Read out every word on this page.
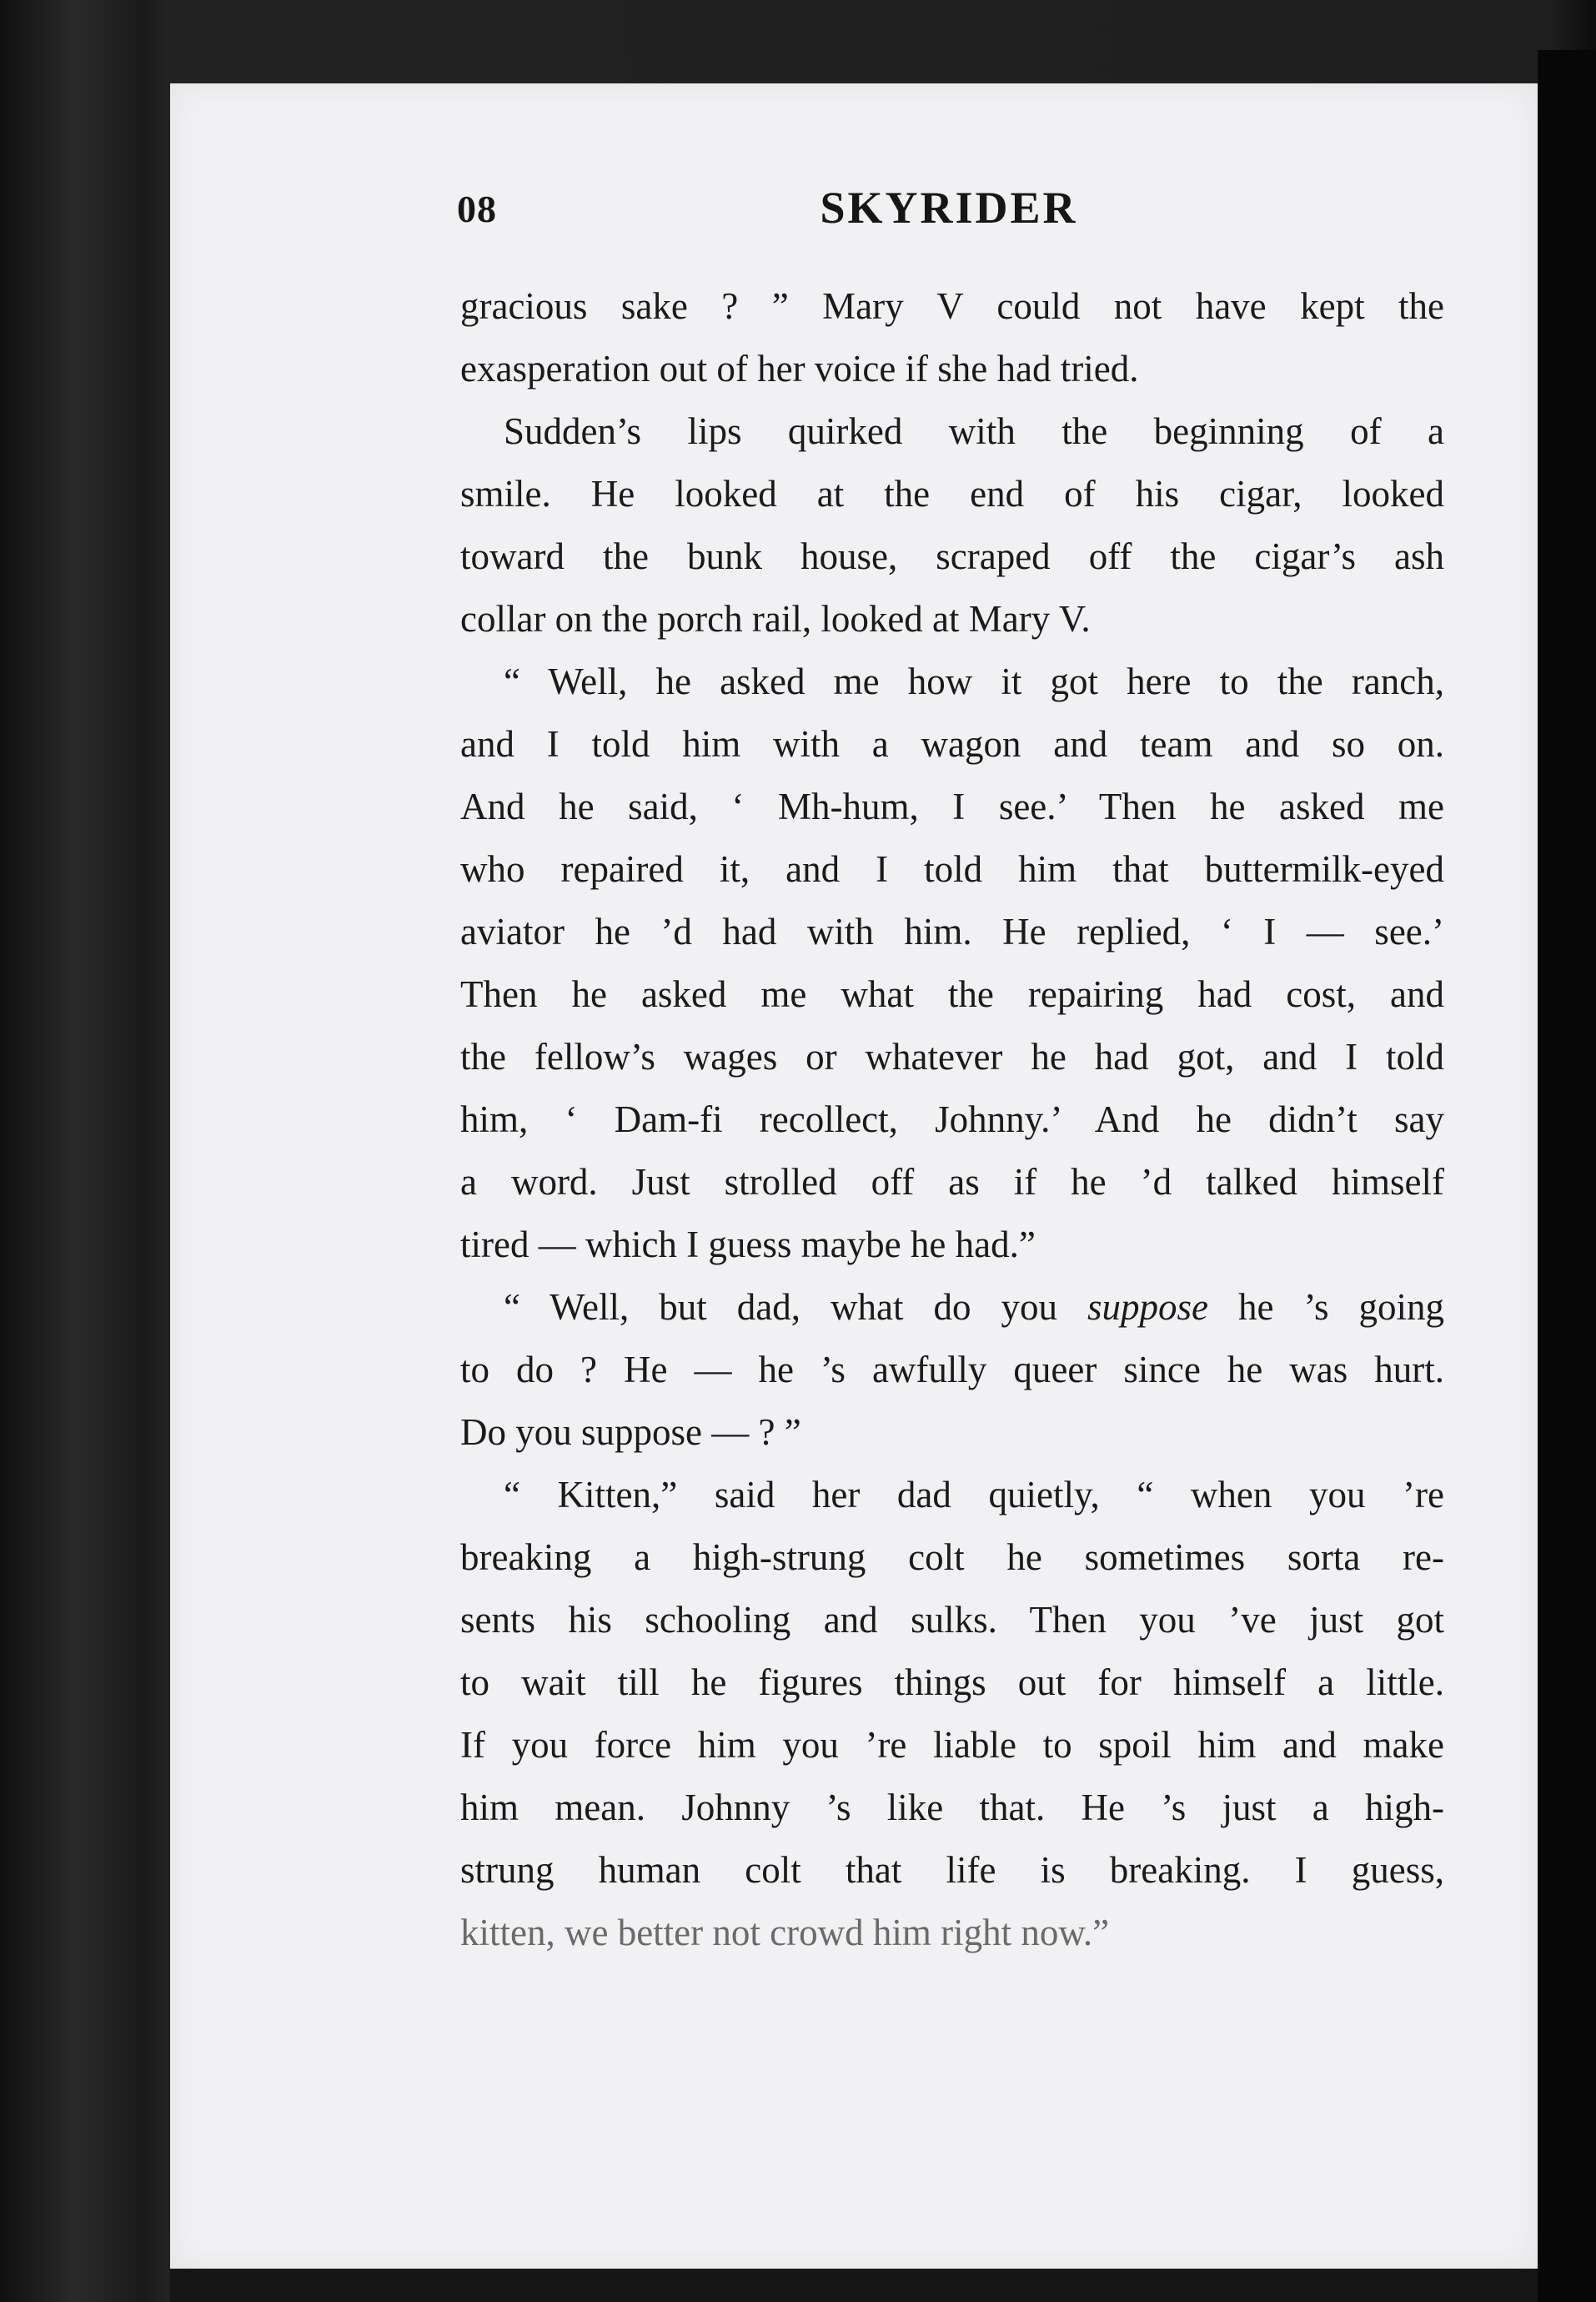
08	SKYRIDER

gracious sake ? ” Mary V could not have kept the
exasperation out of her voice if she had tried.

Sudden’s lips quirked with the beginning of a
smile. He looked at the end of his cigar, looked
toward the bunk house, scraped off the cigar’s ash
collar on the porch rail, looked at Mary V.

“ Well, he asked me how it got here to the ranch,
and I told him with a wagon and team and so on.
And he said, ‘ Mh-hum, I see.’ Then he asked me
who repaired it, and I told him that buttermilk-eyed
aviator he ’d had with him. He replied, ‘ I — see.’
Then he asked me what the repairing had cost, and
the fellow’s wages or whatever he had got, and I told
him, ‘ Dam-fi recollect, Johnny.’ And he didn’t say
a word. Just strolled off as if he ’d talked himself
tired — which I guess maybe he had.”

“ Well, but dad, what do you suppose he ’s going
to do ? He — he ’s awfully queer since he was hurt.
Do you suppose — ? ”

“ Kitten,” said her dad quietly, “ when you ’re
breaking a high-strung colt he sometimes sorta re-
sents his schooling and sulks. Then you ’ve just got
to wait till he figures things out for himself a little.
If you force him you ’re liable to spoil him and make
him mean. Johnny ’s like that. He ’s just a high-
strung human colt that life is breaking. I guess,
kitten, we better not crowd him right now.”
